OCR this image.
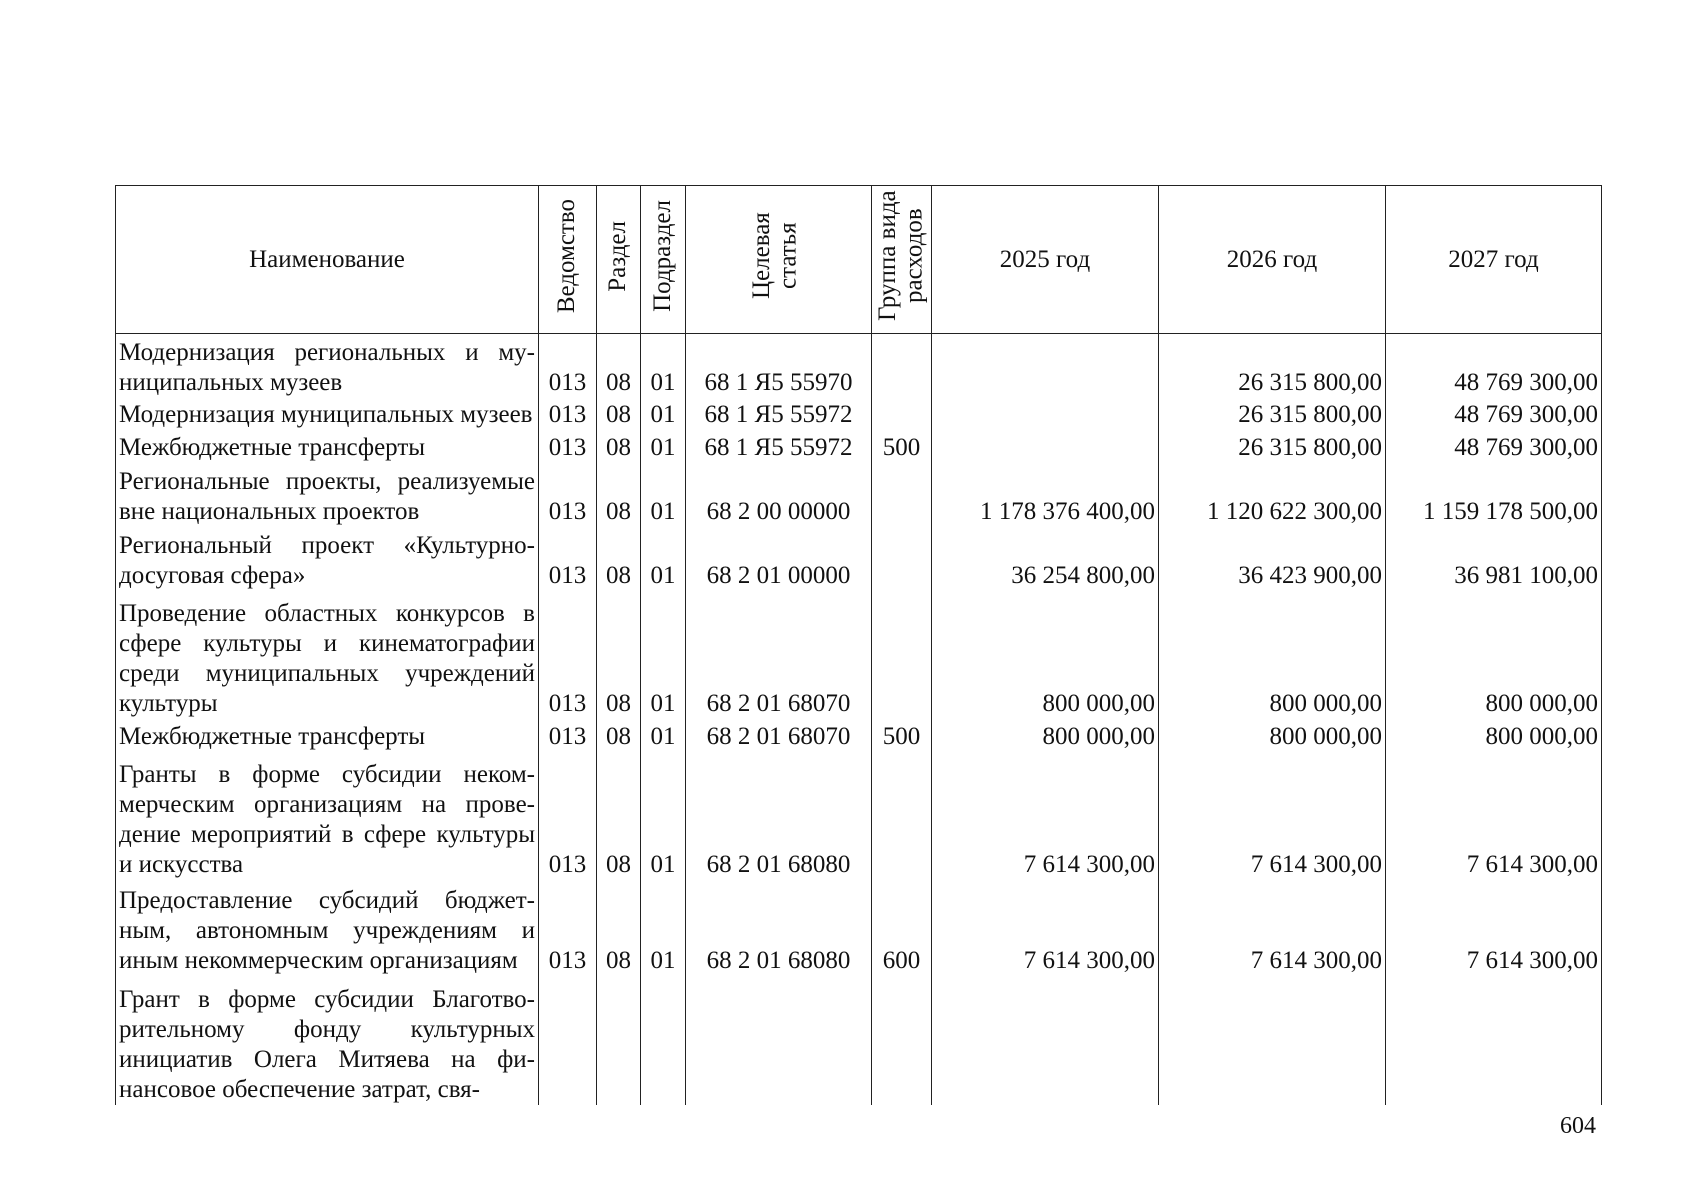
Наименование	Ведомство	Раздел	Подраздел	Целевая статья	Группа вида расходов	2025 год	2026 год	2027 год
Модернизация региональных и муниципальных музеев	013	08	01	68 1 Я5 55970			26 315 800,00	48 769 300,00
Модернизация муниципальных музеев	013	08	01	68 1 Я5 55972			26 315 800,00	48 769 300,00
Межбюджетные трансферты	013	08	01	68 1 Я5 55972	500		26 315 800,00	48 769 300,00
Региональные проекты, реализуемые вне национальных проектов	013	08	01	68 2 00 00000		1 178 376 400,00	1 120 622 300,00	1 159 178 500,00
Региональный проект «Культурно-досуговая сфера»	013	08	01	68 2 01 00000		36 254 800,00	36 423 900,00	36 981 100,00
Проведение областных конкурсов в сфере культуры и кинематографии среди муниципальных учреждений культуры	013	08	01	68 2 01 68070		800 000,00	800 000,00	800 000,00
Межбюджетные трансферты	013	08	01	68 2 01 68070	500	800 000,00	800 000,00	800 000,00
Гранты в форме субсидии некоммерческим организациям на проведение мероприятий в сфере культуры и искусства	013	08	01	68 2 01 68080		7 614 300,00	7 614 300,00	7 614 300,00
Предоставление субсидий бюджетным, автономным учреждениям и иным некоммерческим организациям	013	08	01	68 2 01 68080	600	7 614 300,00	7 614 300,00	7 614 300,00
Грант в форме субсидии Благотворительному фонду культурных инициатив Олега Митяева на финансовое обеспечение затрат, свя-								

604
